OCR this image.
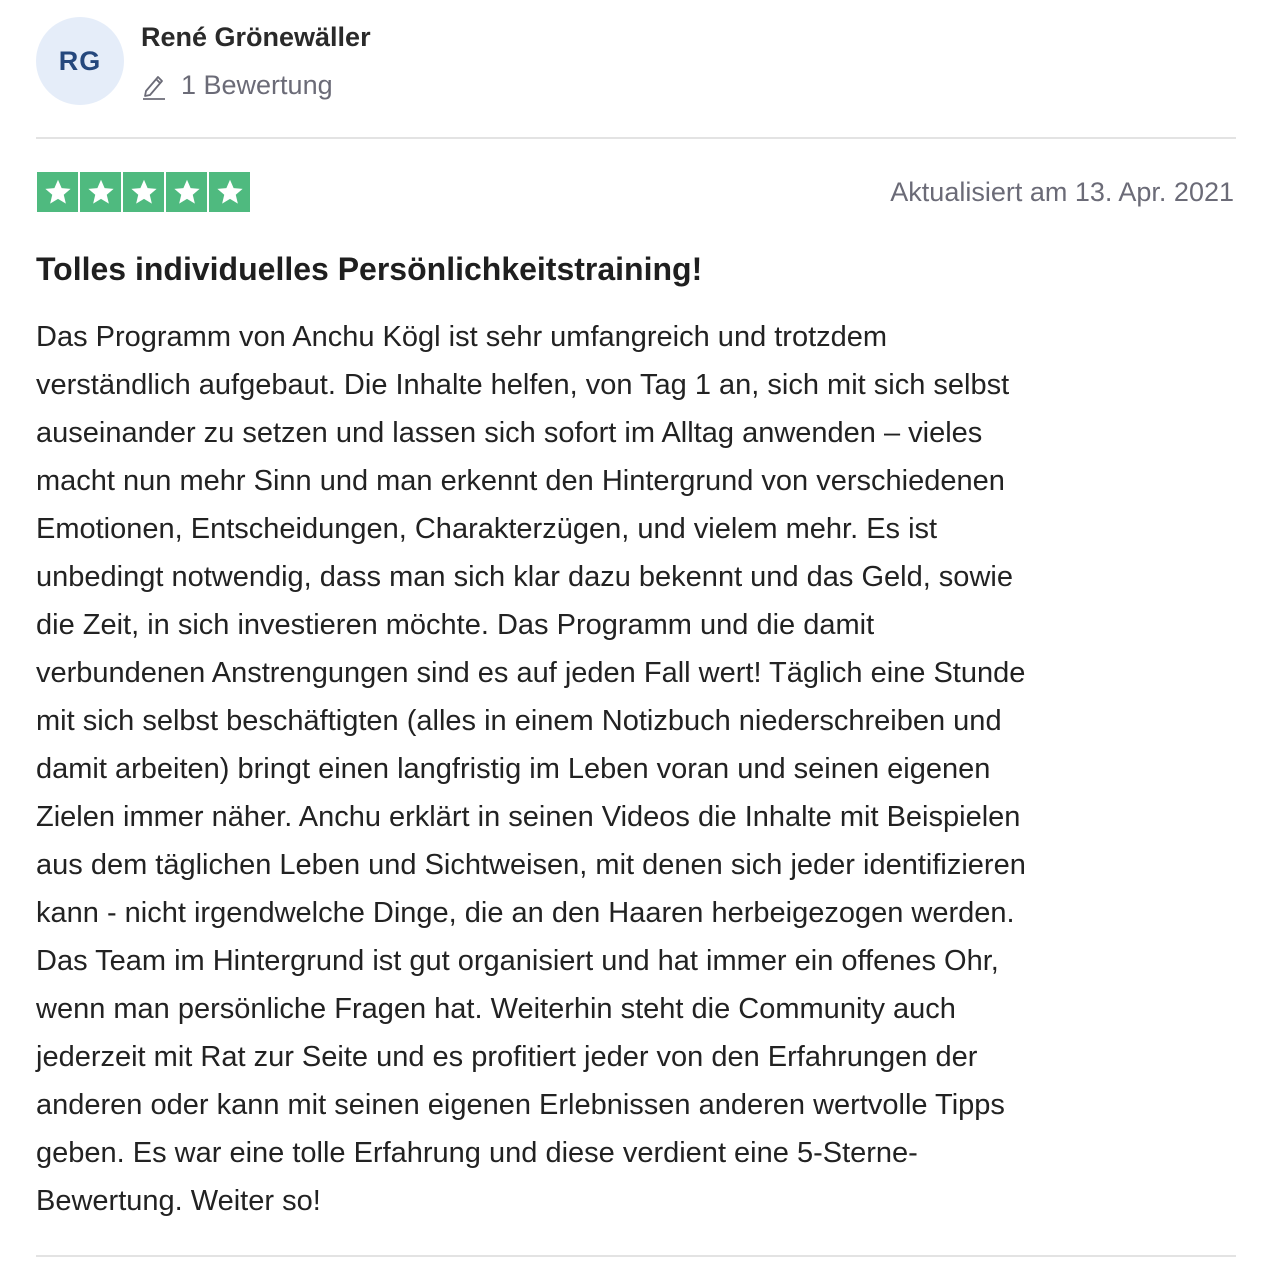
RG
René Grönewäller
1 Bewertung
Aktualisiert am 13. Apr. 2021
Tolles individuelles Persönlichkeitstraining!

Das Programm von Anchu Kögl ist sehr umfangreich und trotzdem
verständlich aufgebaut. Die Inhalte helfen, von Tag 1 an, sich mit sich selbst
auseinander zu setzen und lassen sich sofort im Alltag anwenden – vieles
macht nun mehr Sinn und man erkennt den Hintergrund von verschiedenen
Emotionen, Entscheidungen, Charakterzügen, und vielem mehr. Es ist
unbedingt notwendig, dass man sich klar dazu bekennt und das Geld, sowie
die Zeit, in sich investieren möchte. Das Programm und die damit
verbundenen Anstrengungen sind es auf jeden Fall wert! Täglich eine Stunde
mit sich selbst beschäftigten (alles in einem Notizbuch niederschreiben und
damit arbeiten) bringt einen langfristig im Leben voran und seinen eigenen
Zielen immer näher. Anchu erklärt in seinen Videos die Inhalte mit Beispielen
aus dem täglichen Leben und Sichtweisen, mit denen sich jeder identifizieren
kann - nicht irgendwelche Dinge, die an den Haaren herbeigezogen werden.
Das Team im Hintergrund ist gut organisiert und hat immer ein offenes Ohr,
wenn man persönliche Fragen hat. Weiterhin steht die Community auch
jederzeit mit Rat zur Seite und es profitiert jeder von den Erfahrungen der
anderen oder kann mit seinen eigenen Erlebnissen anderen wertvolle Tipps
geben. Es war eine tolle Erfahrung und diese verdient eine 5-Sterne-
Bewertung. Weiter so!
